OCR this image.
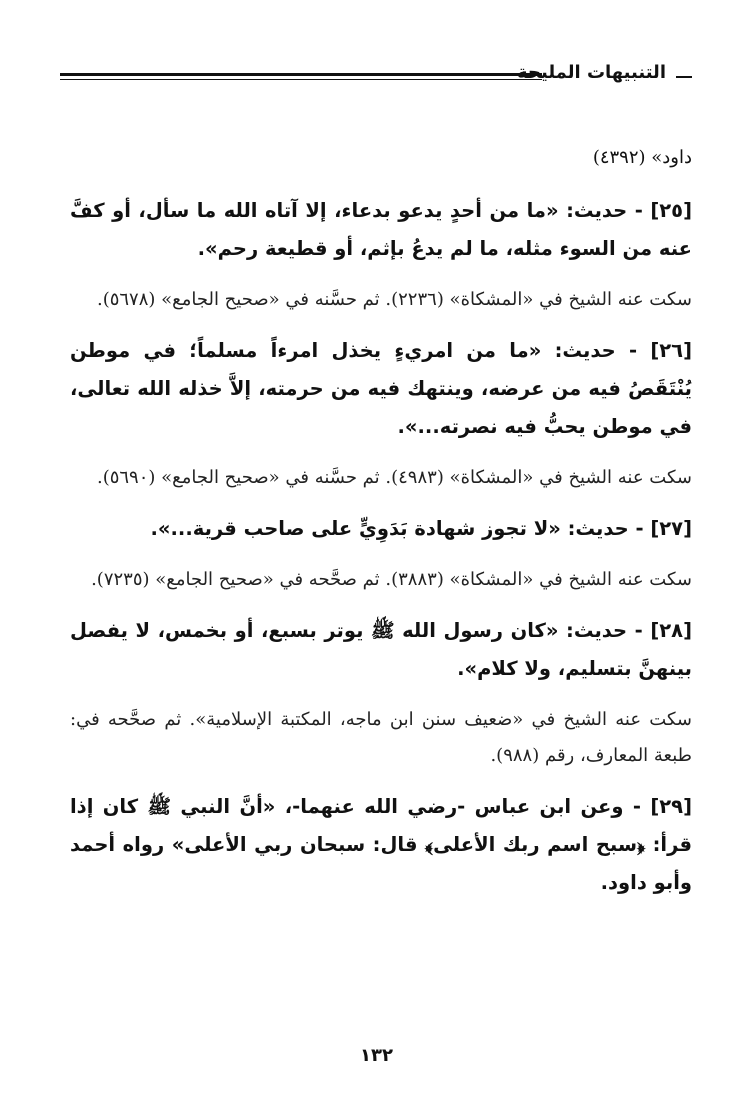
التنبيهات المليحة

داود» (٤٣٩٢)

[٢٥] - حديث: «ما من أحدٍ يدعو بدعاء، إلا آتاه الله ما سأل، أو كفَّ عنه من السوء مثله، ما لم يدعُ بإثم، أو قطيعة رحم».

سكت عنه الشيخ في «المشكاة» (٢٢٣٦). ثم حسَّنه في «صحيح الجامع» (٥٦٧٨).

[٢٦] - حديث: «ما من امريءٍ يخذل امرءاً مسلماً؛ في موطن يُنْتَقَصُ فيه من عرضه، وينتهك فيه من حرمته، إلاَّ خذله الله تعالى، في موطن يحبُّ فيه نصرته...».

سكت عنه الشيخ في «المشكاة» (٤٩٨٣). ثم حسَّنه في «صحيح الجامع» (٥٦٩٠).

[٢٧] - حديث: «لا تجوز شهادة بَدَوِيٍّ على صاحب قرية...».

سكت عنه الشيخ في «المشكاة» (٣٨٨٣). ثم صحَّحه في «صحيح الجامع» (٧٢٣٥).

[٢٨] - حديث: «كان رسول الله ﷺ يوتر بسبع، أو بخمس، لا يفصل بينهنَّ بتسليم، ولا كلام».

سكت عنه الشيخ في «ضعيف سنن ابن ماجه، المكتبة الإسلامية». ثم صحَّحه في: طبعة المعارف، رقم (٩٨٨).

[٢٩] - وعن ابن عباس -رضي الله عنهما-، «أنَّ النبي ﷺ كان إذا قرأ: ﴿سبح اسم ربك الأعلى﴾ قال: سبحان ربي الأعلى» رواه أحمد وأبو داود.

١٣٢
